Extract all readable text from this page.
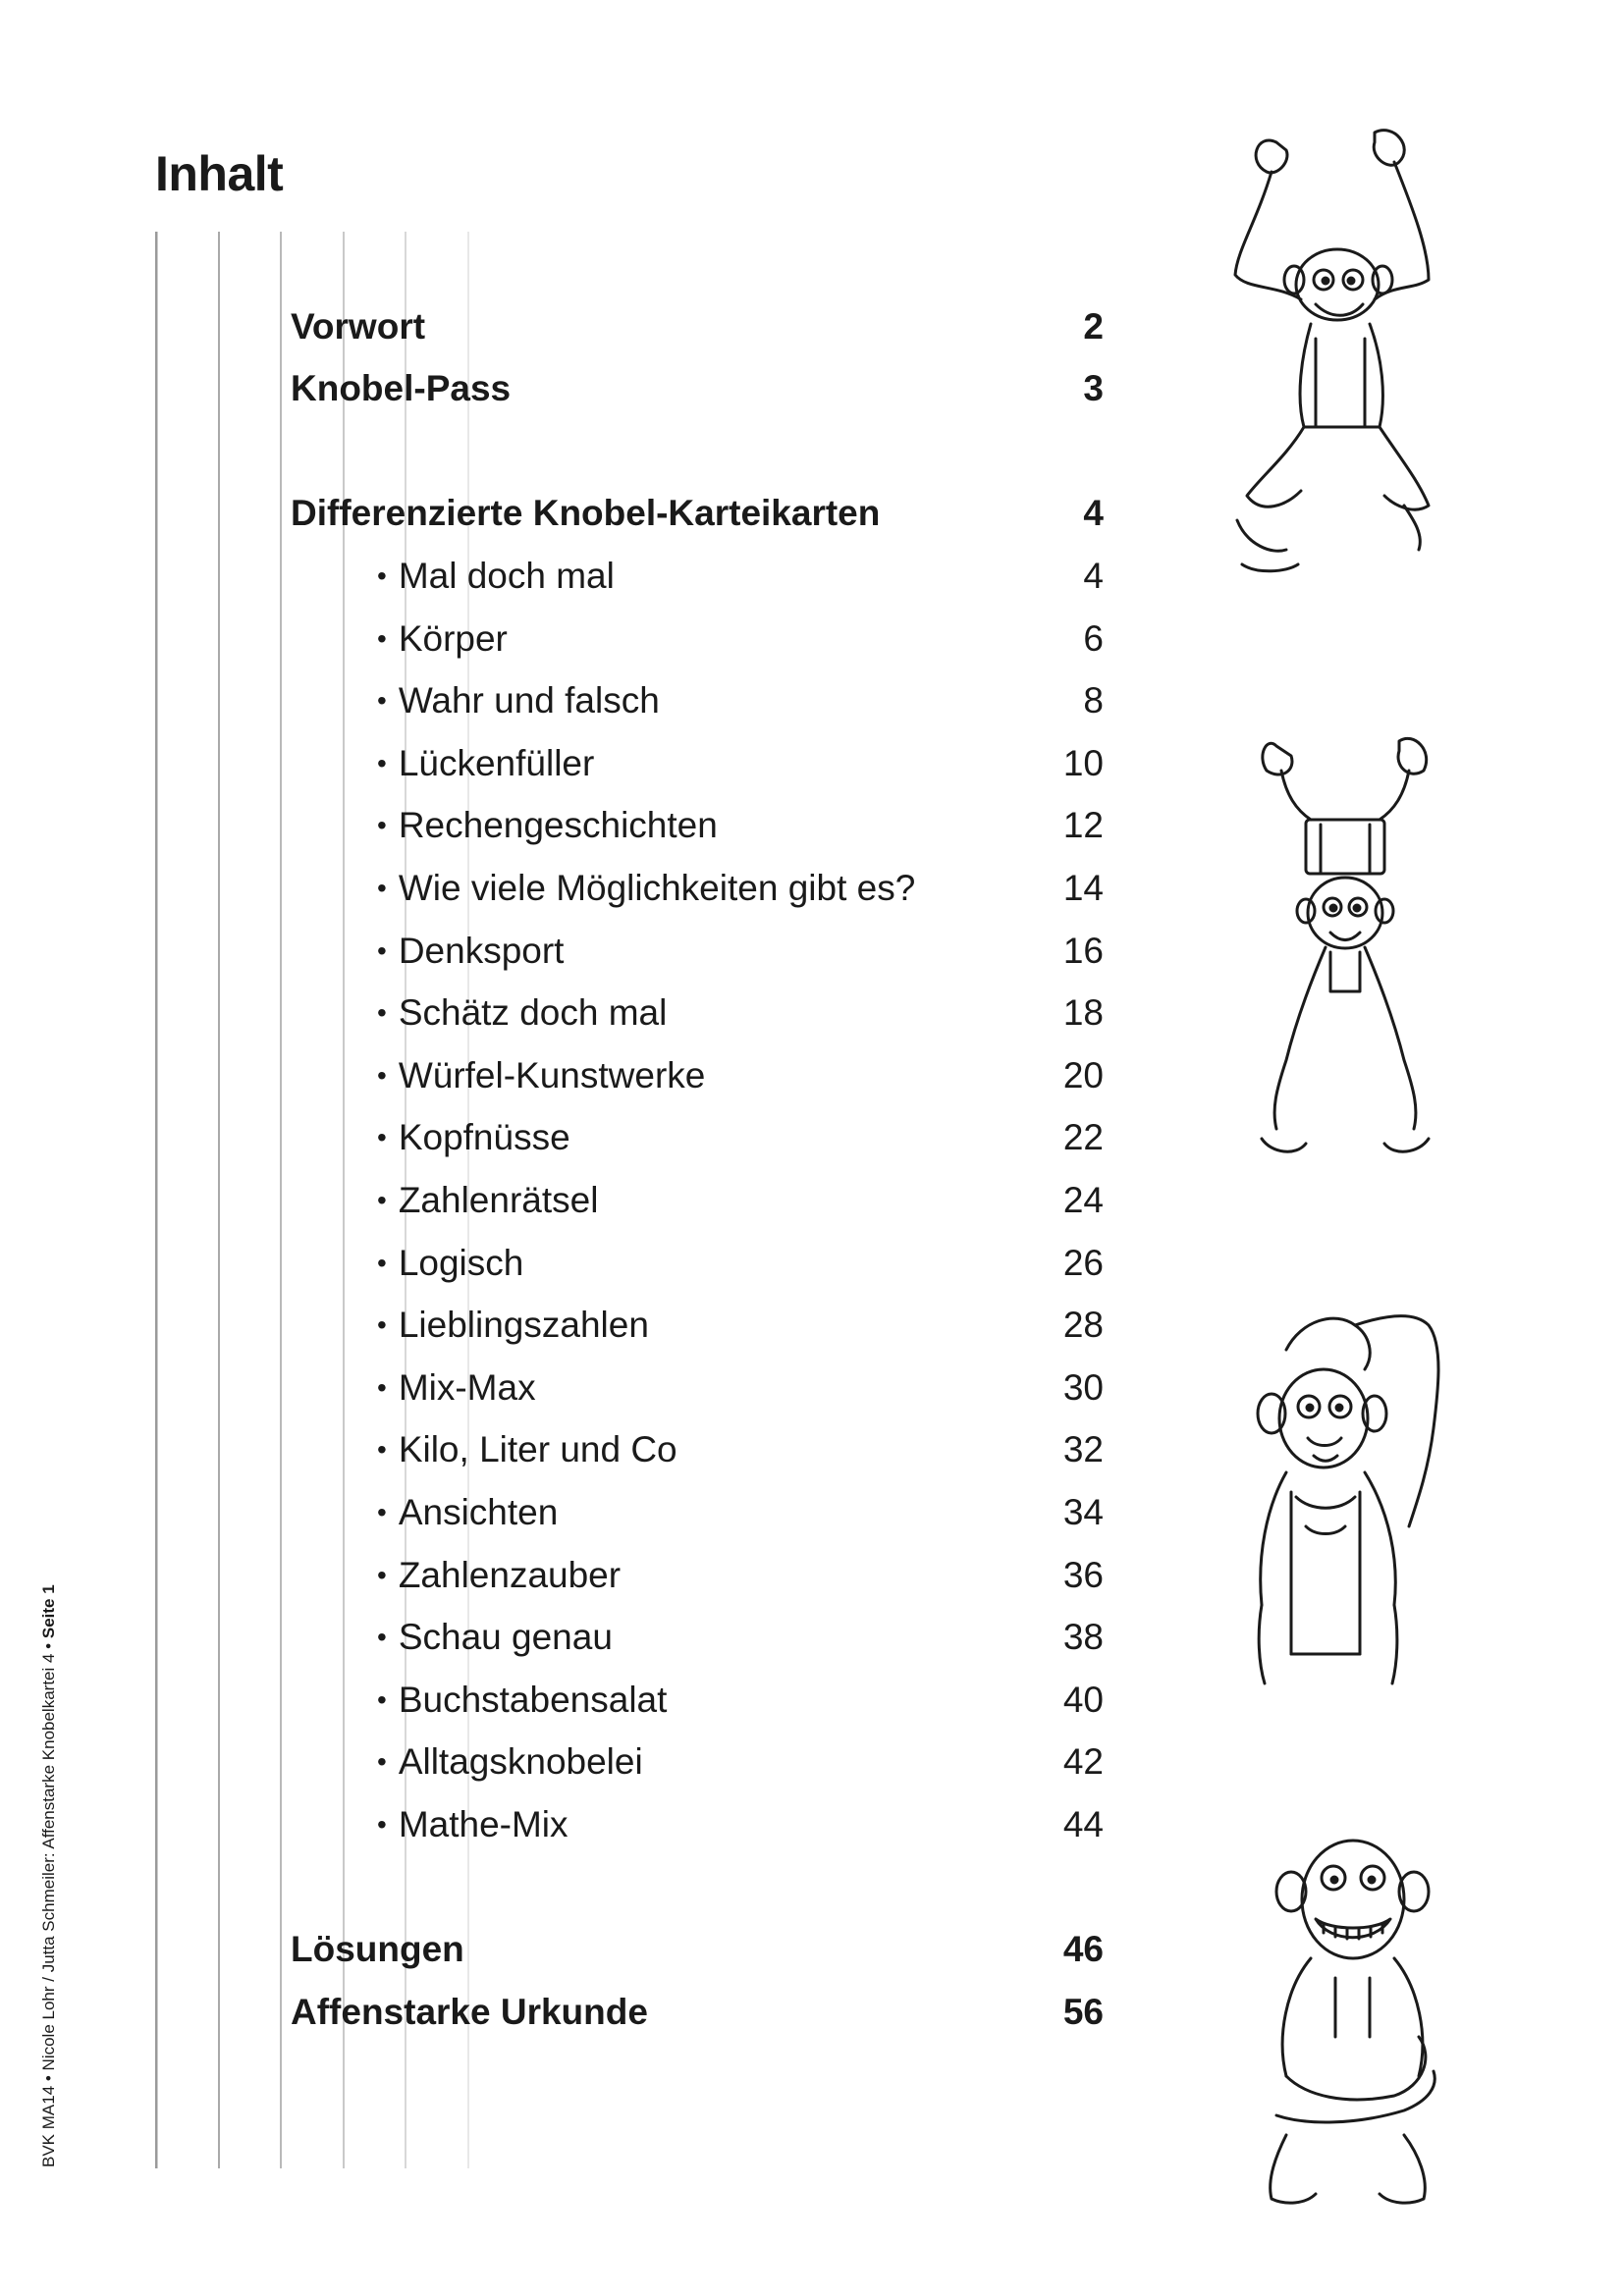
Inhalt
Vorwort	2
Knobel-Pass	3
Differenzierte Knobel-Karteikarten	4
• Mal doch mal	4
• Körper	6
• Wahr und falsch	8
• Lückenfüller	10
• Rechengeschichten	12
• Wie viele Möglichkeiten gibt es?	14
• Denksport	16
• Schätz doch mal	18
• Würfel-Kunstwerke	20
• Kopfnüsse	22
• Zahlenrätsel	24
• Logisch	26
• Lieblingszahlen	28
• Mix-Max	30
• Kilo, Liter und Co	32
• Ansichten	34
• Zahlenzauber	36
• Schau genau	38
• Buchstabensalat	40
• Alltagsknobelei	42
• Mathe-Mix	44
Lösungen	46
Affenstarke Urkunde	56
BVK MA14 • Nicole Lohr / Jutta Schmeiler: Affenstarke Knobelkartei 4 • Seite 1
